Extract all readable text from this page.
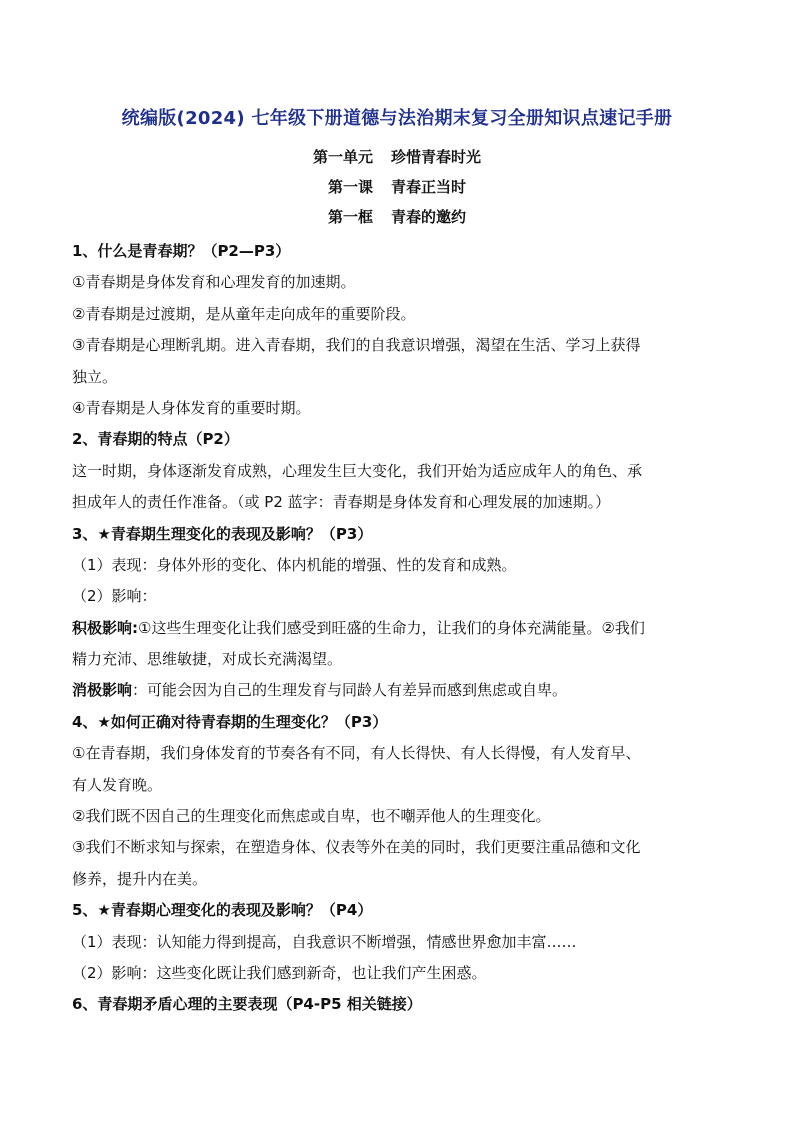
统编版(2024) 七年级下册道德与法治期末复习全册知识点速记手册
第一单元 珍惜青春时光
第一课 青春正当时
第一框 青春的邀约
1、什么是青春期？（P2—P3）
①青春期是身体发育和心理发育的加速期。
②青春期是过渡期，是从童年走向成年的重要阶段。
③青春期是心理断乳期。进入青春期，我们的自我意识增强，渴望在生活、学习上获得
独立。
④青春期是人身体发育的重要时期。
2、青春期的特点（P2）
这一时期，身体逐渐发育成熟，心理发生巨大变化，我们开始为适应成年人的角色、承
担成年人的责任作准备。（或 P2 蓝字：青春期是身体发育和心理发展的加速期。）
3、★青春期生理变化的表现及影响？（P3）
（1）表现：身体外形的变化、体内机能的增强、性的发育和成熟。
（2）影响：
积极影响:①这些生理变化让我们感受到旺盛的生命力，让我们的身体充满能量。②我们
精力充沛、思维敏捷，对成长充满渴望。
消极影响：可能会因为自己的生理发育与同龄人有差异而感到焦虑或自卑。
4、★如何正确对待青春期的生理变化？（P3）
①在青春期，我们身体发育的节奏各有不同，有人长得快、有人长得慢，有人发育早、
有人发育晚。
②我们既不因自己的生理变化而焦虑或自卑，也不嘲弄他人的生理变化。
③我们不断求知与探索，在塑造身体、仪表等外在美的同时，我们更要注重品德和文化
修养，提升内在美。
5、★青春期心理变化的表现及影响？（P4）
（1）表现：认知能力得到提高，自我意识不断增强，情感世界愈加丰富……
（2）影响：这些变化既让我们感到新奇，也让我们产生困惑。
6、青春期矛盾心理的主要表现（P4-P5 相关链接）
